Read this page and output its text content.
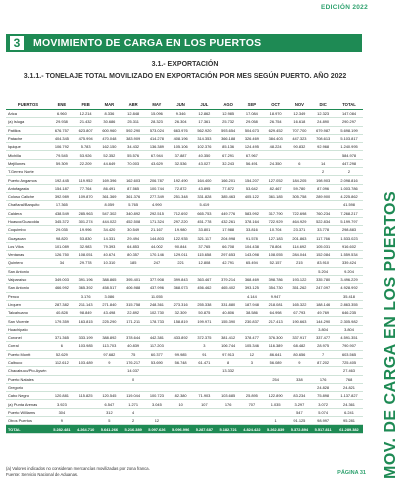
EDICIÓN 2022
3	MOVIMIENTO DE CARGA EN LOS PUERTOS
3.1.- EXPORTACIÓN
3.1.1.- TONELAJE TOTAL MOVILIZADO EN EXPORTACIÓN POR MES SEGÚN PUERTO. AÑO 2022
PUERTOS	ENE	FEB	MAR	ABR	MAY	JUN	JUL	AGO	SEP	OCT	NOV	DIC	TOTAL
Arica	6.960	12.214	8.336	12.848	15.096	9.346	12.862	12.985	17.084	18.970	12.349	12.323	147.084
(a) Isluga	29.938	21.432	30.686	25.311	28.323	26.304	17.361	25.732	29.058	26.754	16.618	24.890	290.297
Patillos	676.757	623.807	600.960	592.290	573.024	663.976	562.920	593.654	504.673	629.452	707.700	679.987	5.698.199
Patache	404.345	475.994	470.048	383.909	414.278	408.196	314.353	366.188	326.469	384.403	447.323	708.613	5.103.817
Iquique	106.792	5.783	162.150	34.432	136.389	105.106	102.376	85.136	124.495	48.224	90.832	92.968	1.240.995
Michilla	79.545	53.926	52.352	55.576	67.944	37.887	40.350	67.291	67.967				584.978
Mejillones	59.309	22.209	44.649	70.003	43.629	32.536	43.027	32.243	56.491	24.350	6	14	447.298
T.Gerreo Norte												2	2
Puerto Angamos	192.445	119.952	169.396	162.603	206.787	192.490	164.400	166.201	154.207	127.052	184.205	198.903	2.098.816
Antofagasta	154.187	77.764	86.491	87.565	100.744	72.872	43.895	77.872	53.642	82.467	59.780	87.096	1.003.786
Coloso Caliche	392.989	109.870	361.369	361.376	277.349	251.348	331.828	385.463	405.122	361.185	305.758	289.900	4.225.862
Chañaral/Barquito	17.365		8.059	5.765	4.990		5.419						41.598
Caldera	438.549	285.963	547.302	340.892	292.515	712.692	665.753	449.776	583.992	317.790	722.698	760.234	7.268.217
Huasco/Guacolda	345.372	301.274	444.022	452.508	171.324	297.220	451.778	432.261	378.164	722.929	464.929	522.834	5.199.797
Coquimbo	29.035	19.996	34.420	30.549	21.167	19.980	33.801	17.988	33.816	10.704	23.371	33.778	298.883
Guayacan	98.820	53.830	14.331	29.494	144.803	122.935	321.117	204.998	91.578	127.183	201.863	117.766	1.533.023
Los Vilos	101.089	32.983	79.393	64.853	44.002	90.844	37.765	66.708	104.438	78.804	114.692	105.031	916.602
Ventanas	126.750	108.051	40.674	80.357	170.146	129.011	115.658	297.653	143.098	108.055	284.044	152.084	1.559.534
Quintero	34	29.778	10.310	185	247	221	12.808	42.791	65.494	52.157	215	83.910	339.424
San Antonio												5.204	9.204
Valparaíso	349.003	391.196	388.865	395.401	377.908	399.843	363.467	379.214	368.469	398.786	193.122	335.780	3.496.229
San Antonio	466.992	365.392	458.517	406.988	437.996	368.073	456.462	465.402	393.125	354.730	351.262	247.097	4.928.992
Penco		3.176	3.086		11.055				4.144	9.947			35.418
Lirquen	287.382	211.143	271.840	315.758	248.361	273.316	255.338	331.880	187.948	218.081	165.322	188.146	2.863.355
Talcahuano	40.828	98.849	43.498	22.892	102.730	32.309	50.875	40.806	38.586	64.998	67.793	49.769	646.235
San Vicente	179.359	163.815	225.290	171.211	178.733	158.819	199.971	155.390	230.837	217.413	190.663	144.290	2.305.982
Huachipato												3.804	3.804
Coronel	371.365	333.199	388.892	378.644	442.381	433.892	372.375	381.412	378.477	376.300	337.917	337.477	4.591.351
Corral	6	103.985	113.703	40.839	117.203		3	106.744	105.346	116.389	68.482	28.975	790.907
Puerto Montt	52.629		97.682	75	60.377	99.985	91	97.913	12	86.641	80.656	7	603.565
Calbuco	112.612	103.489	9	176.217	53.690	56.748	61.471	8	3	56.089	9	87.202	725.405
Chacabuco/Pto.Aysén				14.037				13.332					27.463
Puerto Natales				0						254	338	176	768
Gregorio												24.828	24.821
Cabo Negro	120.881	115.825	120.545	119.044	100.723	82.380	71.903	103.685	25.895	122.890	83.234	75.898	1.137.827
(a) Punta Arenas	3.923		6.547	1.271	3.045	10	107	176	707	1.035	3.297	3.072	24.361
Puerto Williams	304		312	4							547	5.074	6.241
Otros Puertos	9		5	2	12					1	91.125	98.997	95.281
TOTAL	5.282.481	4.264.710	5.641.266	5.216.389	5.097.626	5.096.996	5.287.687	5.182.721	4.824.422	5.262.839	5.372.894	5.517.811	61.289.382
(a) Valores indicados no consideran mercancías movilizadas por zona franca.
Fuente: Servicio Nacional de Aduanas.	MOV. DE CARGA EN LOS PUERTOS
PÁGINA 31
